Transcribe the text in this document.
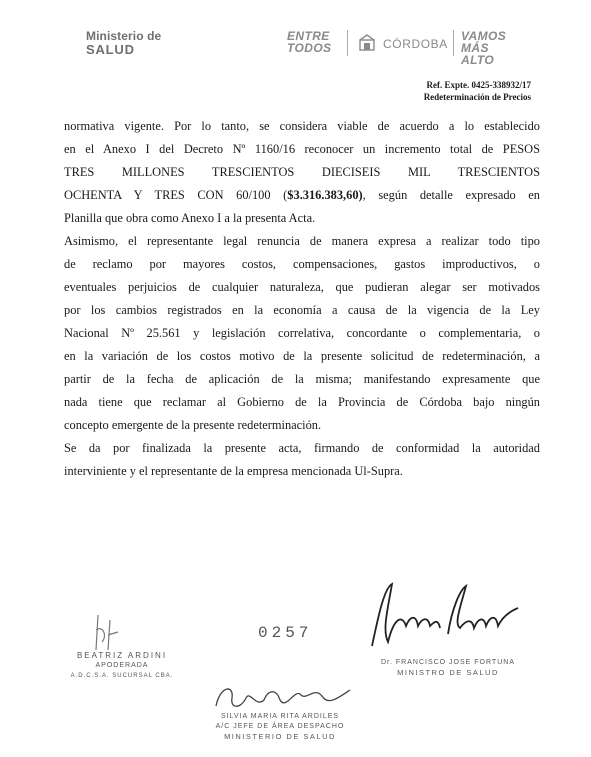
Ministerio de
SALUD
ENTRE
TODOS	CÓRDOBA
VAMOS
MÁS ALTO
Ref. Expte. 0425-338932/17
Redeterminación de Precios
normativa vigente. Por lo tanto, se considera viable de acuerdo a lo establecido
en el Anexo I del Decreto Nº 1160/16 reconocer un incremento total de PESOS
TRES MILLONES TRESCIENTOS DIECISEIS MIL TRESCIENTOS
OCHENTA Y TRES CON 60/100 ($3.316.383,60), según detalle expresado en
Planilla que obra como Anexo I a la presenta Acta.
Asimismo, el representante legal renuncia de manera expresa a realizar todo tipo
de reclamo por mayores costos, compensaciones, gastos improductivos, o
eventuales perjuicios de cualquier naturaleza, que pudieran alegar ser motivados
por los cambios registrados en la economía a causa de la vigencia de la Ley
Nacional Nº 25.561 y legislación correlativa, concordante o complementaria, o
en la variación de los costos motivo de la presente solicitud de redeterminación, a
partir de la fecha de aplicación de la misma; manifestando expresamente que
nada tiene que reclamar al Gobierno de la Provincia de Córdoba bajo ningún
concepto emergente de la presente redeterminación.
Se da por finalizada la presente acta, firmando de conformidad la autoridad
interviniente y el representante de la empresa mencionada Ul-Supra.
BEATRIZ ARDINI
APODERADA
A.D.C.S.A. SUCURSAL CBA.
0257
Dr. FRANCISCO JOSE FORTUNA
MINISTRO DE SALUD
SILVIA MARIA RITA ARDILES
A/C JEFE DE ÁREA DESPACHO
MINISTERIO DE SALUD
